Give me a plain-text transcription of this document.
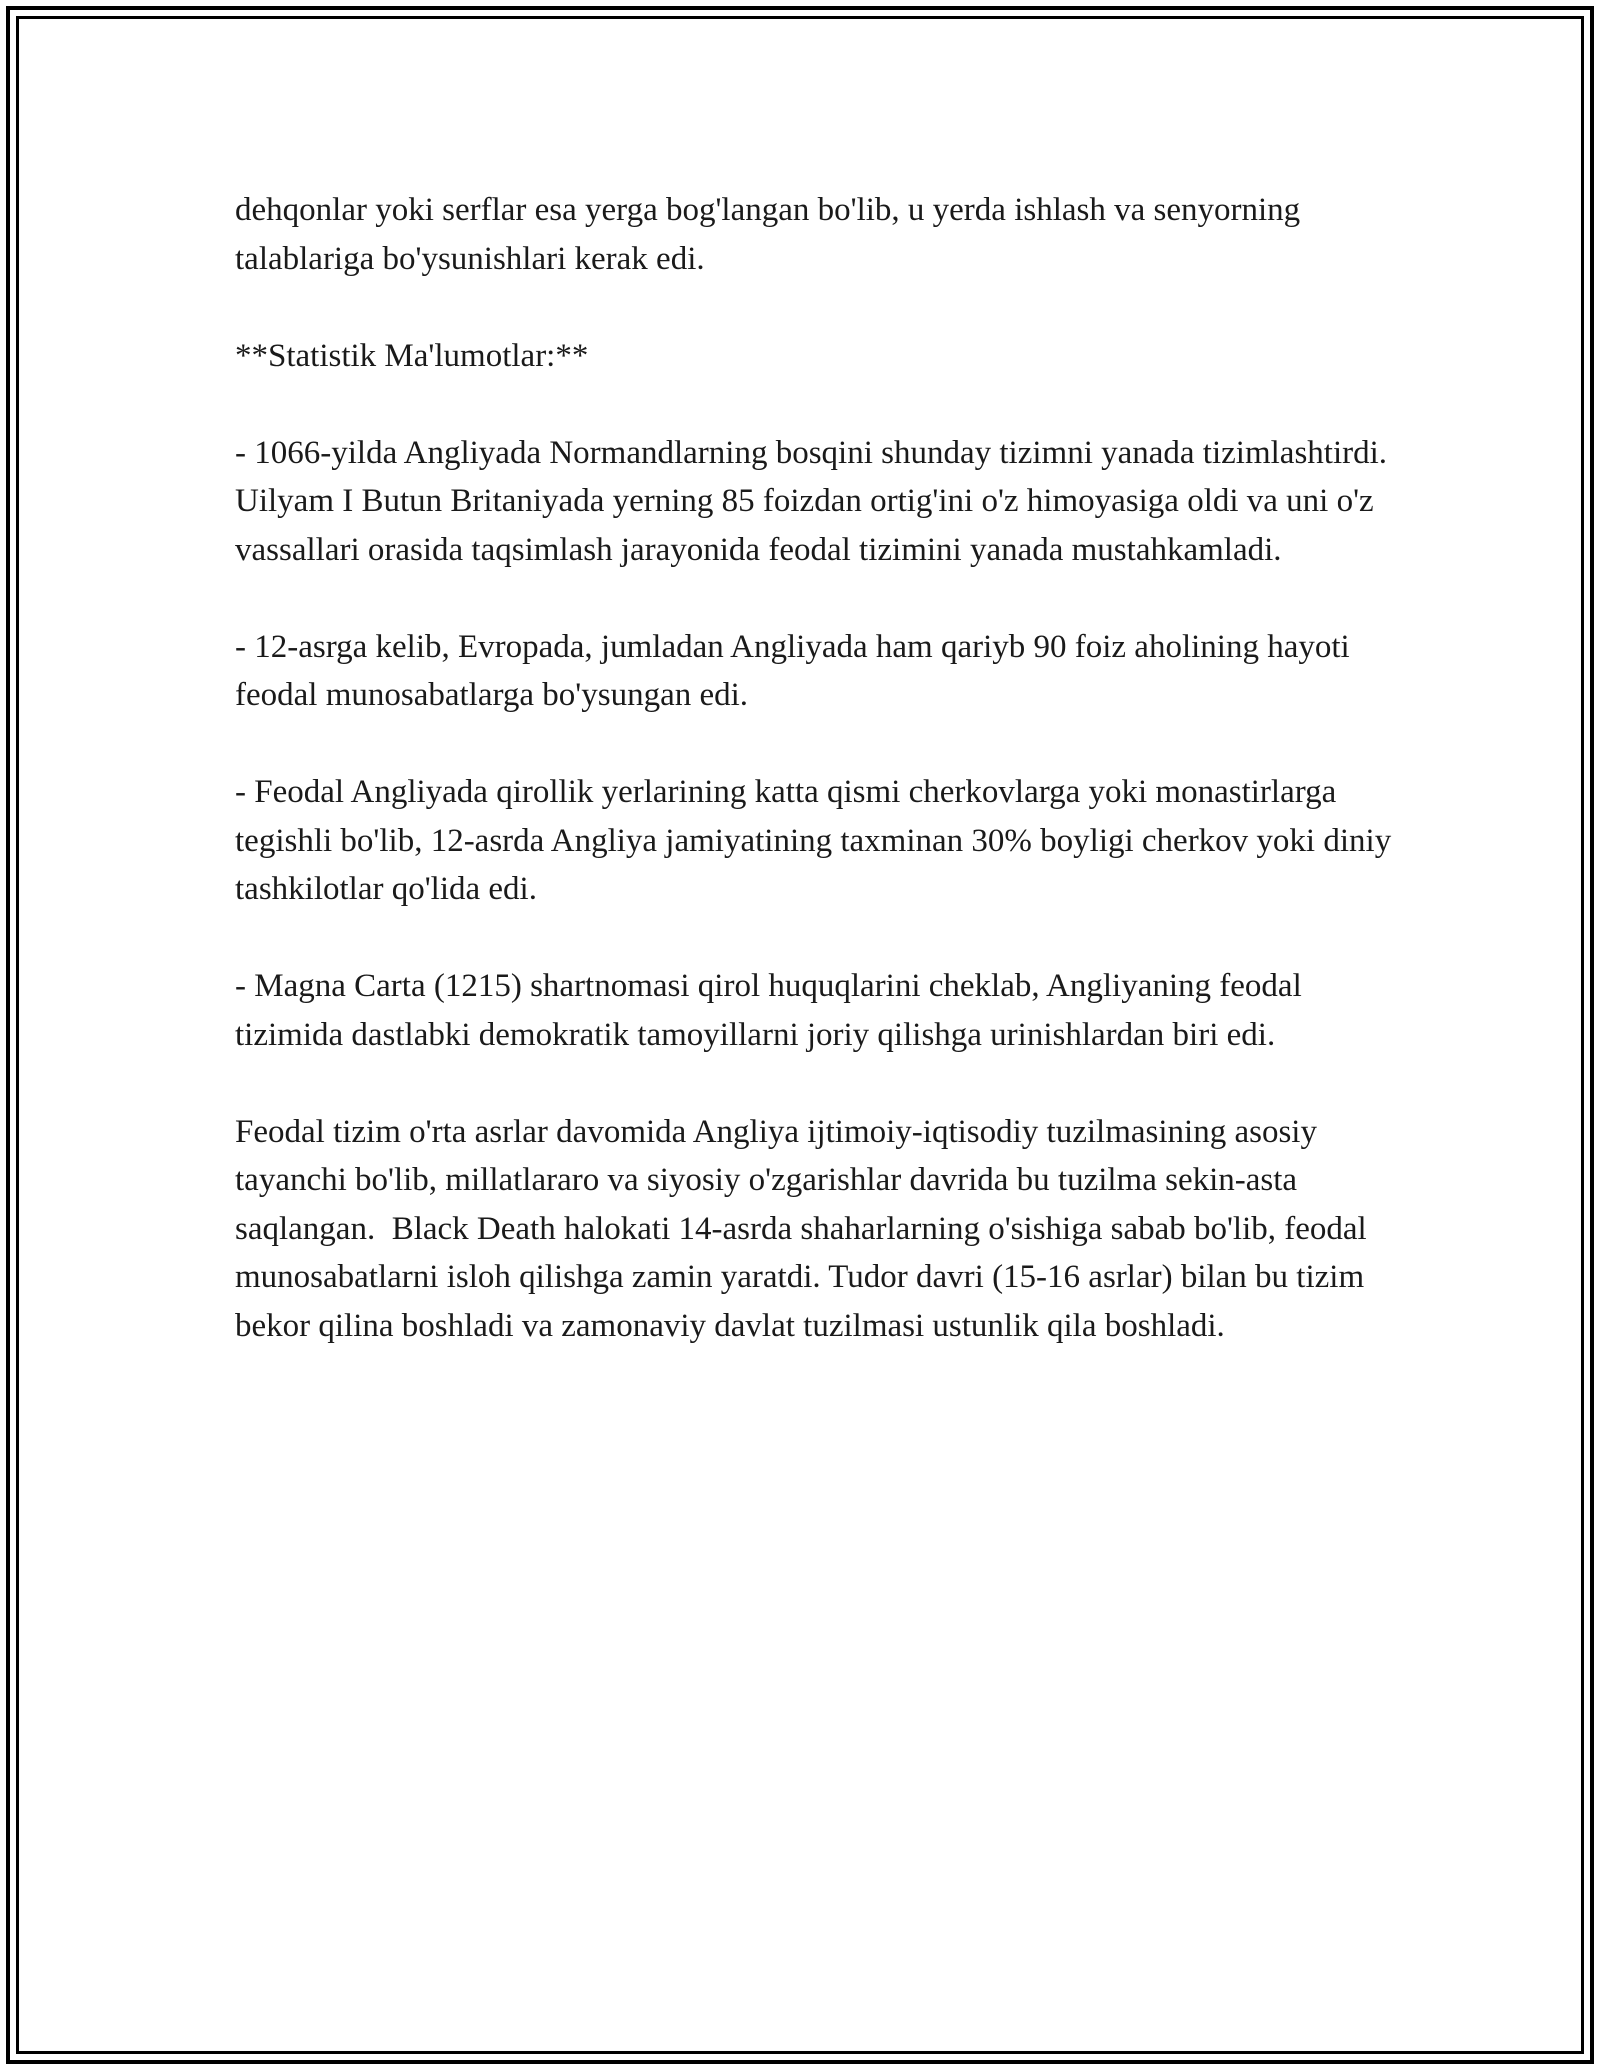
dehqonlar yoki serflar esa yerga bog'langan bo'lib, u yerda ishlash va senyorning talablariga bo'ysunishlari kerak edi.

**Statistik Ma'lumotlar:**

- 1066-yilda Angliyada Normandlarning bosqini shunday tizimni yanada tizimlashtirdi. Uilyam I Butun Britaniyada yerning 85 foizdan ortig'ini o'z himoyasiga oldi va uni o'z vassallari orasida taqsimlash jarayonida feodal tizimini yanada mustahkamladi.

- 12-asrga kelib, Evropada, jumladan Angliyada ham qariyb 90 foiz aholining hayoti feodal munosabatlarga bo'ysungan edi.

- Feodal Angliyada qirollik yerlarining katta qismi cherkovlarga yoki monastirlarga tegishli bo'lib, 12-asrda Angliya jamiyatining taxminan 30% boyligi cherkov yoki diniy tashkilotlar qo'lida edi.

- Magna Carta (1215) shartnomasi qirol huquqlarini cheklab, Angliyaning feodal tizimida dastlabki demokratik tamoyillarni joriy qilishga urinishlardan biri edi.

Feodal tizim o'rta asrlar davomida Angliya ijtimoiy-iqtisodiy tuzilmasining asosiy tayanchi bo'lib, millatlararo va siyosiy o'zgarishlar davrida bu tuzilma sekin-asta saqlangan.  Black Death halokati 14-asrda shaharlarning o'sishiga sabab bo'lib, feodal munosabatlarni isloh qilishga zamin yaratdi. Tudor davri (15-16 asrlar) bilan bu tizim bekor qilina boshladi va zamonaviy davlat tuzilmasi ustunlik qila boshladi.
